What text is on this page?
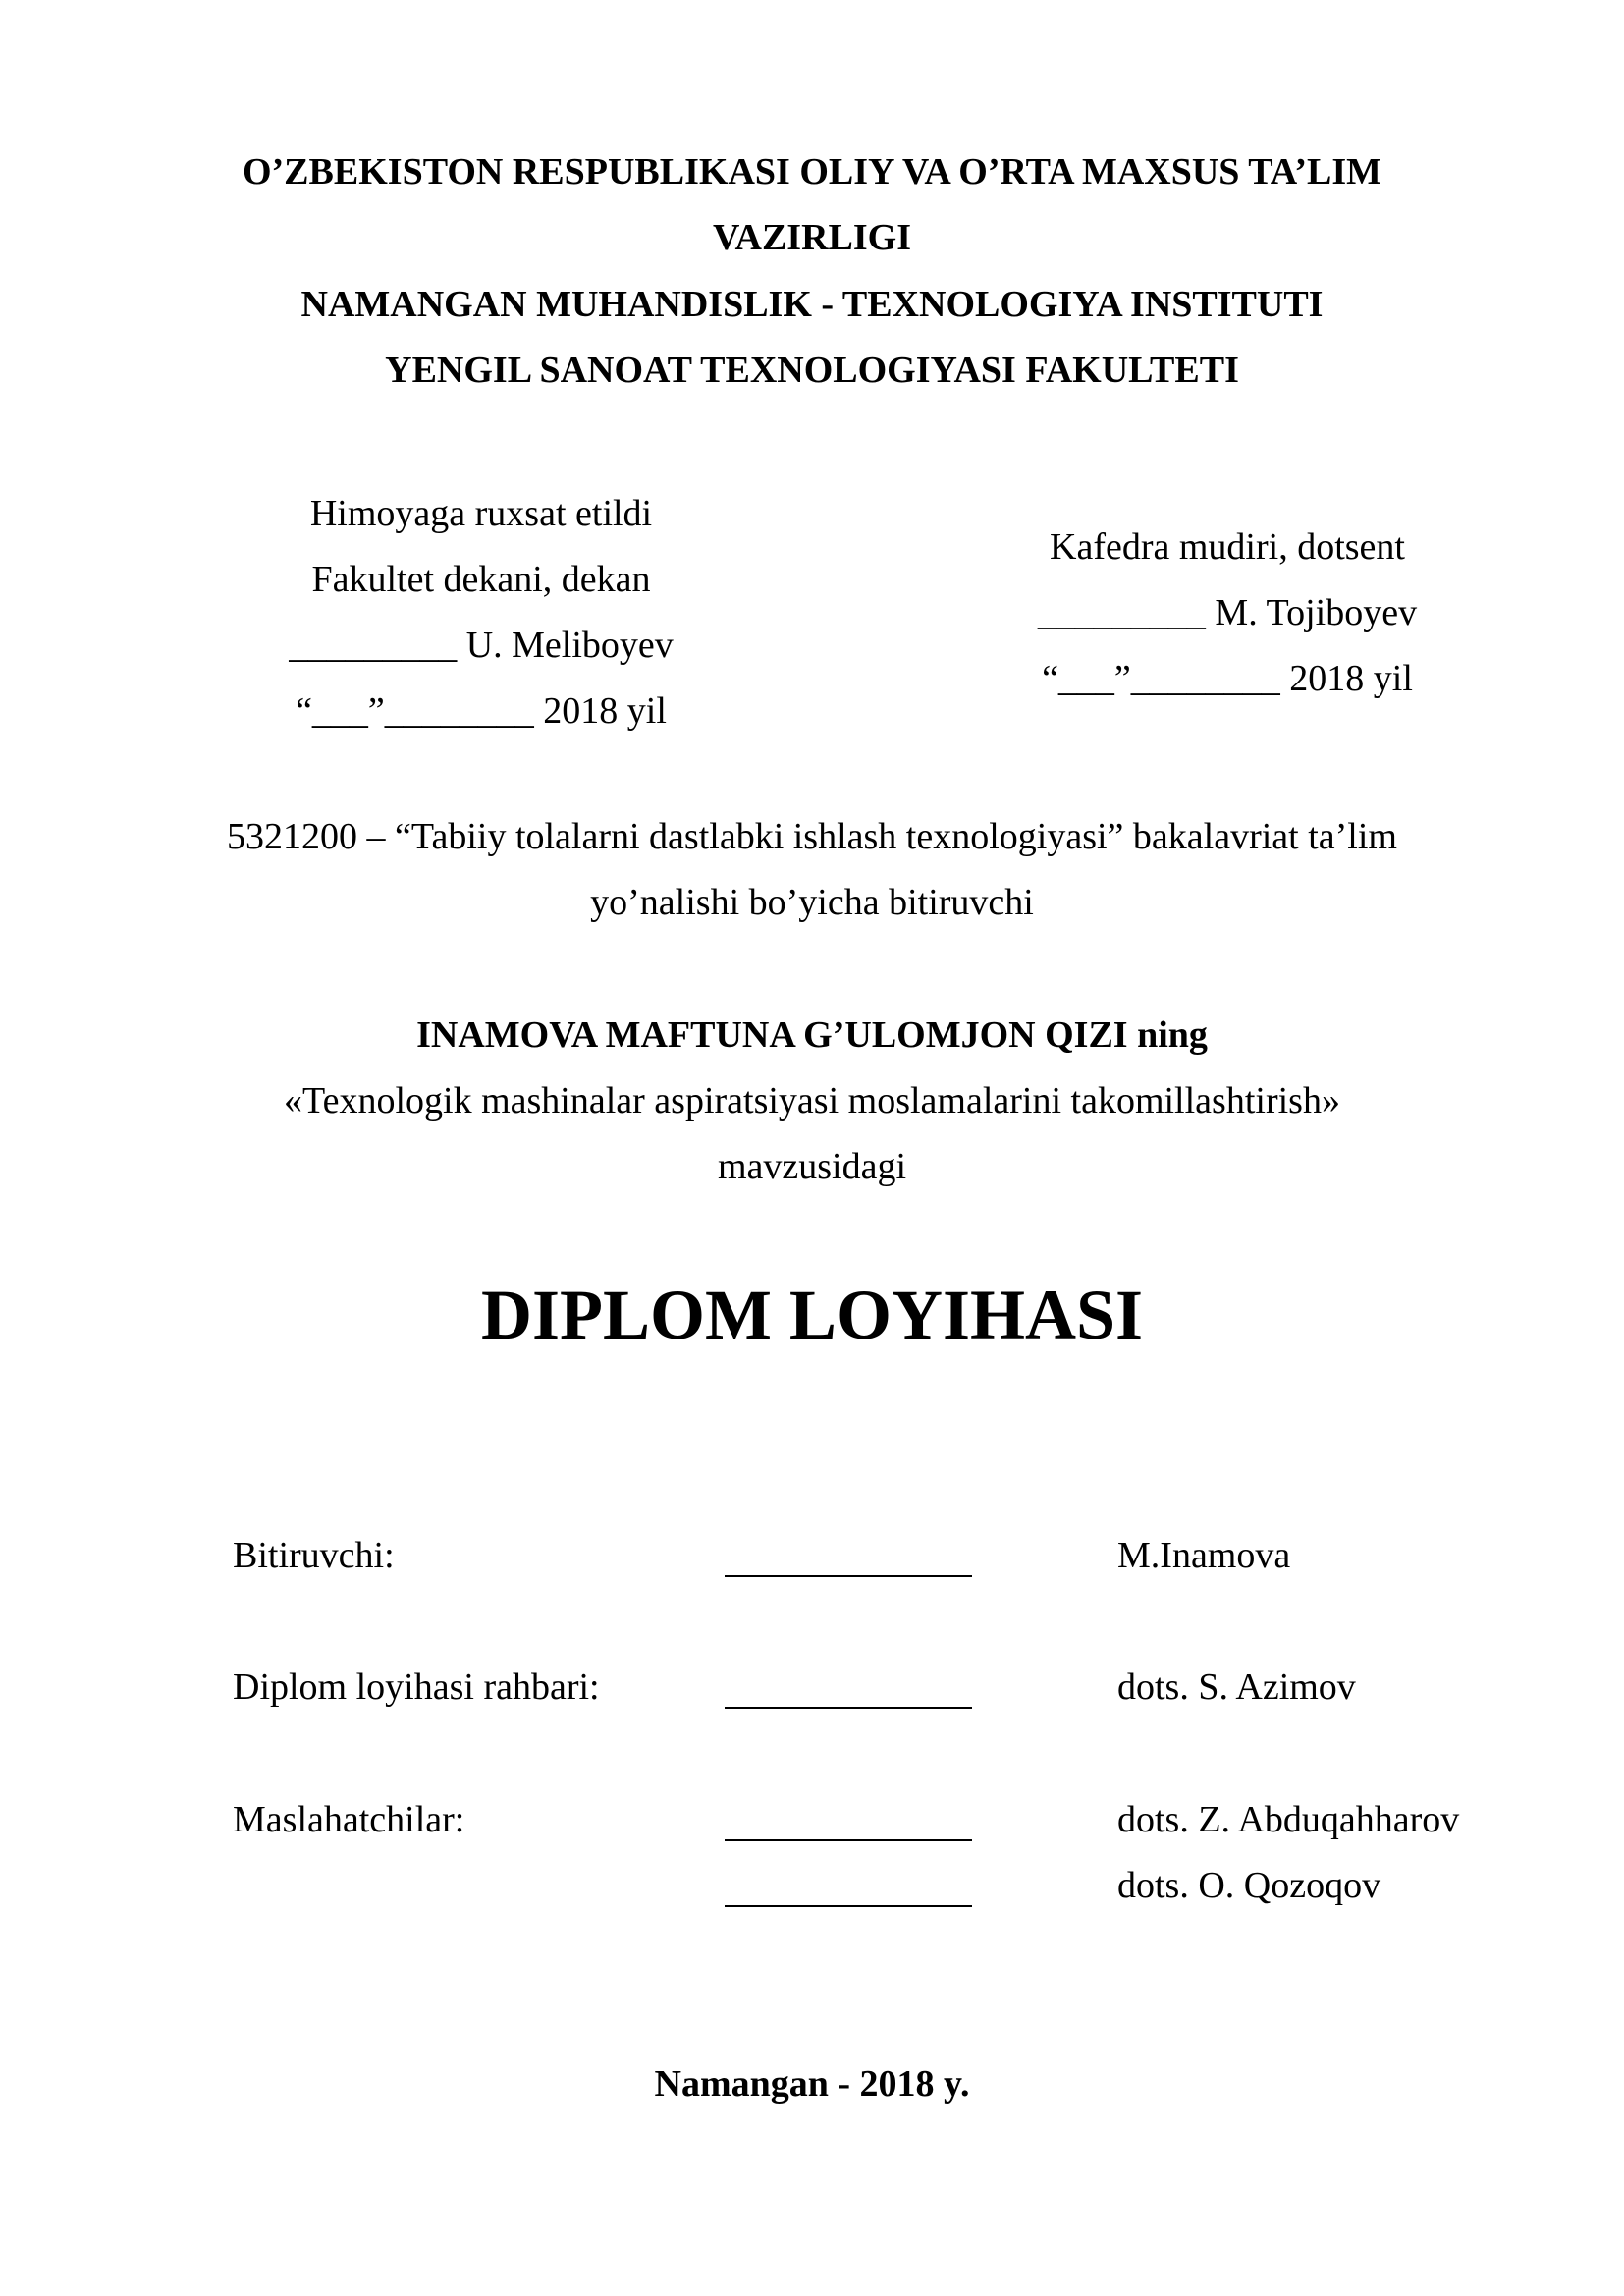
O’ZBEKISTON RESPUBLIKASI OLIY VA O’RTA MAXSUS TA’LIM
VAZIRLIGI
NAMANGAN MUHANDISLIK - TEXNOLOGIYA INSTITUTI
YENGIL SANOAT TEXNOLOGIYASI FAKULTETI
Himoyaga ruxsat etildi
Fakultet dekani, dekan
_________ U. Meliboyev
“___”________ 2018 yil
Kafedra mudiri, dotsent
_________ M. Tojiboyev
“___”________ 2018 yil
5321200 – “Tabiiy tolalarni dastlabki ishlash texnologiyasi” bakalavriat ta’lim
yo’nalishi bo’yicha bitiruvchi
INAMOVA MAFTUNA G’ULOMJON QIZI ning
«Texnologik mashinalar aspiratsiyasi moslamalarini takomillashtirish»
mavzusidagi
DIPLOM LOYIHASI
Bitiruvchi:	M.Inamova
Diplom loyihasi rahbari:	dots. S. Azimov
Maslahatchilar:	dots. Z. Abduqahharov
dots. O. Qozoqov
Namangan - 2018 y.
